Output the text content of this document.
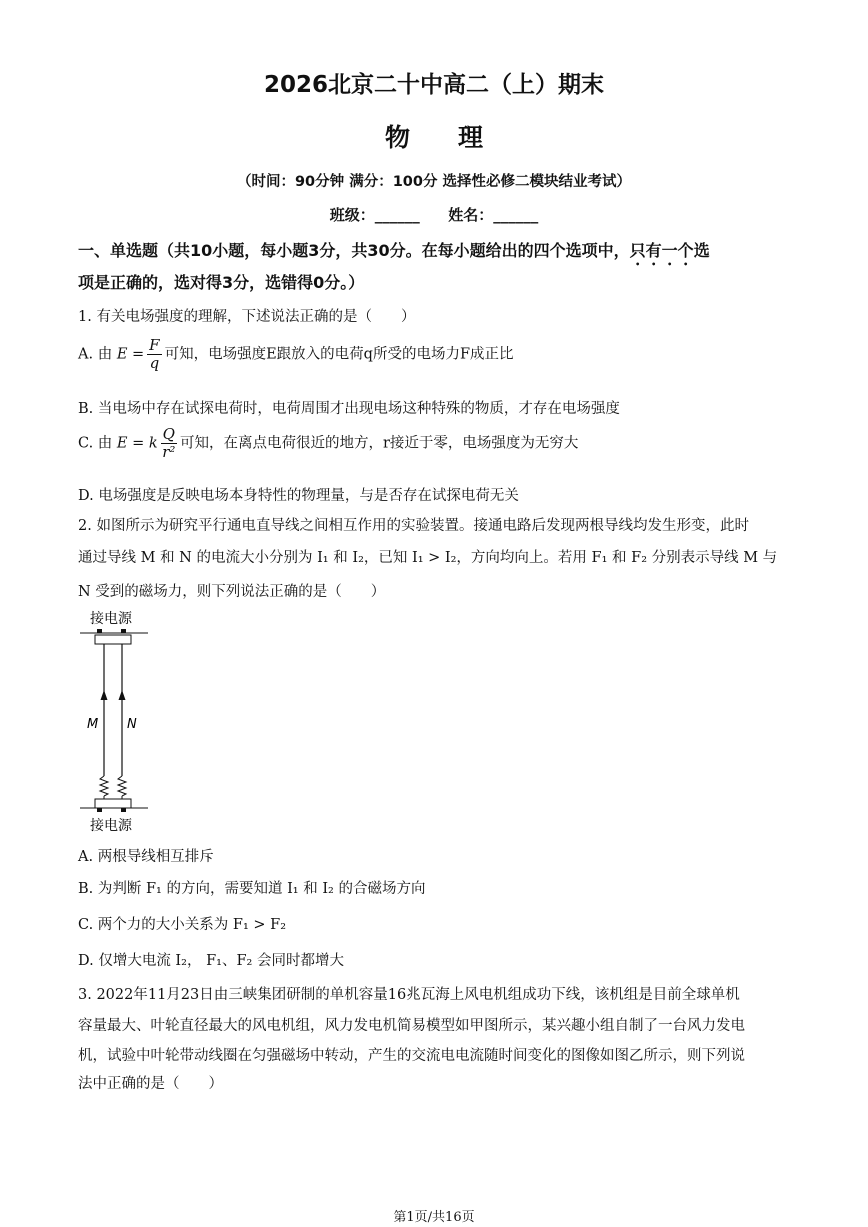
2026北京二十中高二（上）期末
物理
（时间：90分钟 满分：100分 选择性必修二模块结业考试）
班级：______ 姓名：______
一、单选题（共10小题，每小题3分，共30分。在每小题给出的四个选项中，只有一个选
项是正确的，选对得3分，选错得0分。）
1. 有关电场强度的理解，下述说法正确的是（　　）
A. 由 $E = \frac{F}{q}$ 可知，电场强度E跟放入的电荷q所受的电场力F成正比
B. 当电场中存在试探电荷时，电荷周围才出现电场这种特殊的物质，才存在电场强度
C. 由 E = k $\frac{Q}{\text{r²}}$ 可知，在离点电荷很近的地方，r接近于零，电场强度为无穷大
D. 电场强度是反映电场本身特性的物理量，与是否存在试探电荷无关
2. 如图所示为研究平行通电直导线之间相互作用的实验装置。接通电路后发现两根导线均发生形变，此时
通过导线 M 和 N 的电流大小分别为 I₁ 和 I₂，已知 I₁ > I₂，方向均向上。若用 F₁ 和 F₂ 分别表示导线 M 与
N 受到的磁场力，则下列说法正确的是（　　）
接电源
M N
接电源
A. 两根导线相互排斥
B. 为判断 F₁ 的方向，需要知道 I₁ 和 I₂ 的合磁场方向
C. 两个力的大小关系为 F₁ > F₂
D. 仅增大电流 I₂， F₁、F₂ 会同时都增大
3. 2022年11月23日由三峡集团研制的单机容量16兆瓦海上风电机组成功下线，该机组是目前全球单机
容量最大、叶轮直径最大的风电机组，风力发电机简易模型如甲图所示，某兴趣小组自制了一台风力发电
机，试验中叶轮带动线圈在匀强磁场中转动，产生的交流电电流随时间变化的图像如图乙所示，则下列说
法中正确的是（　　）
第1页/共16页
